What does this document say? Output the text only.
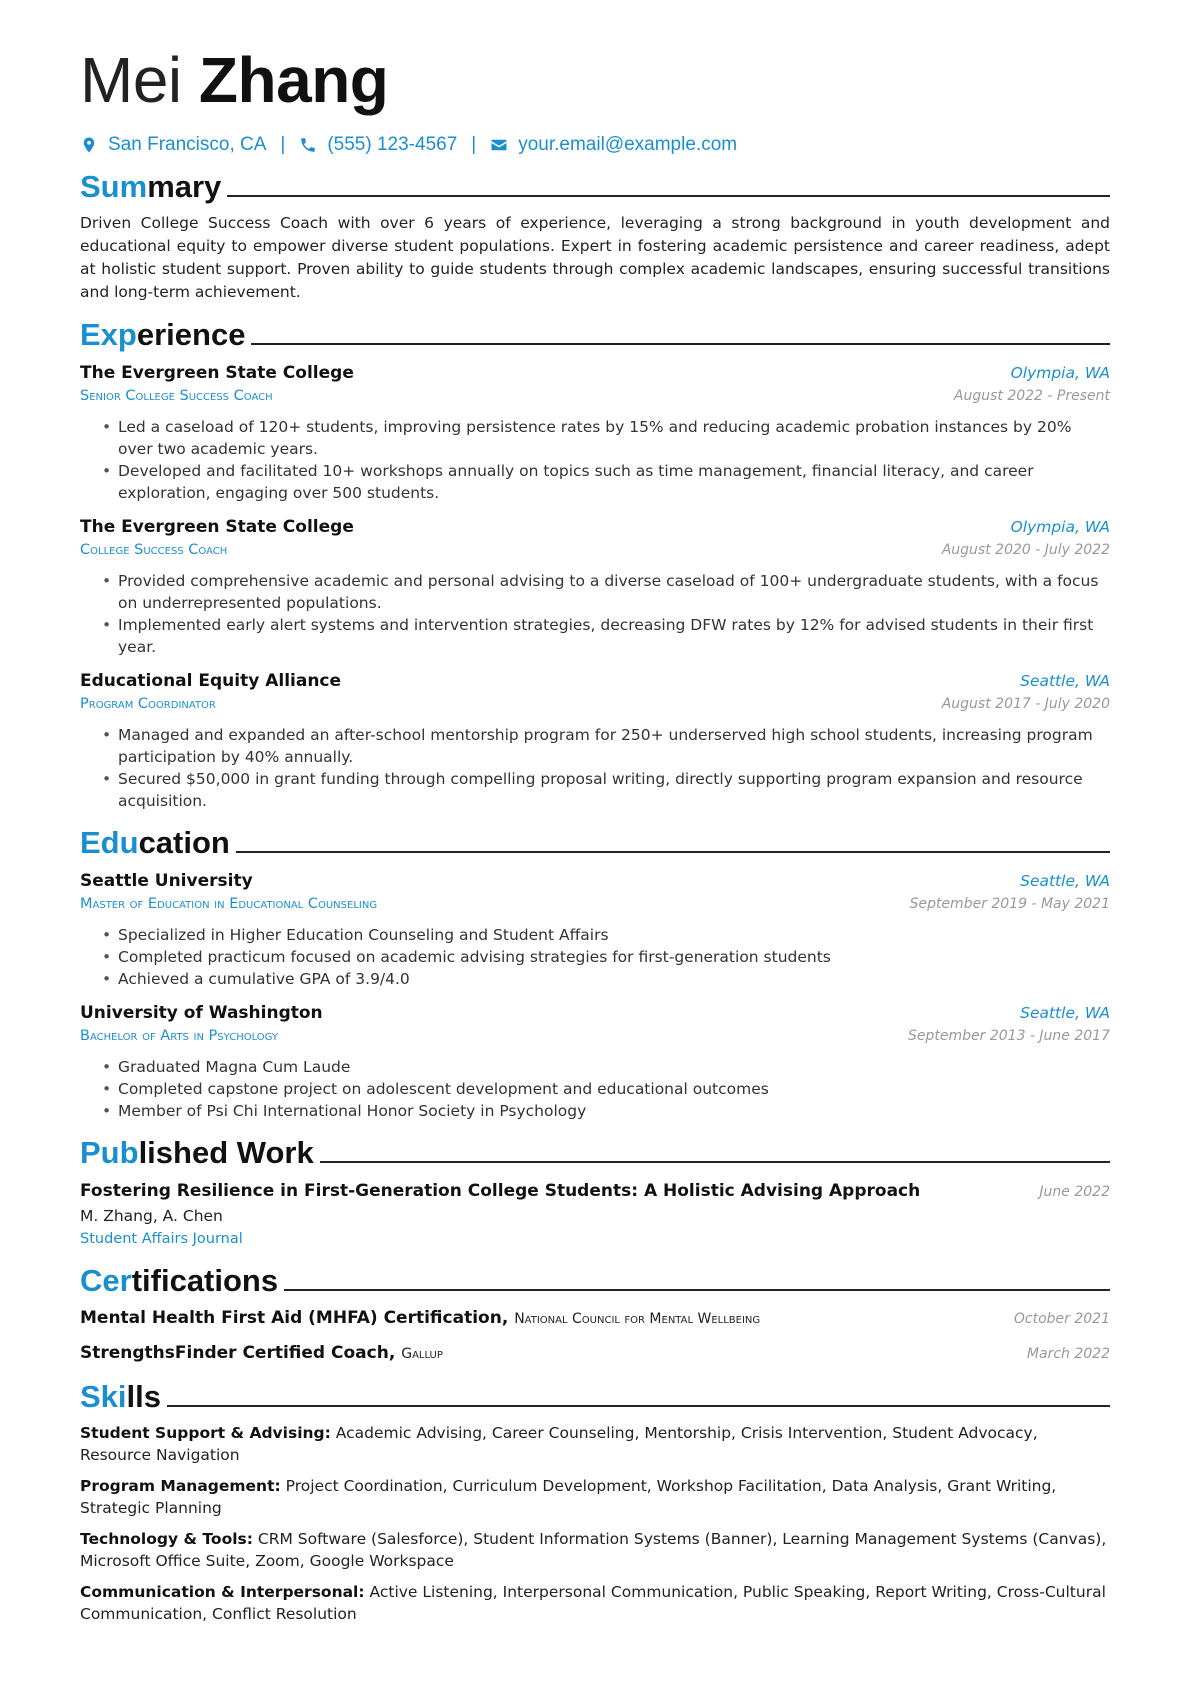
Mei Zhang
San Francisco, CA | (555) 123-4567 | your.email@example.com
Summary

Driven College Success Coach with over 6 years of experience, leveraging a strong background in youth development and educational equity to empower diverse student populations. Expert in fostering academic persistence and career readiness, adept at holistic student support. Proven ability to guide students through complex academic landscapes, ensuring successful transitions and long-term achievement.

Experience
The Evergreen State College	Olympia, WA
Senior College Success Coach	August 2022 - Present
• Led a caseload of 120+ students, improving persistence rates by 15% and reducing academic probation instances by 20% over two academic years.
• Developed and facilitated 10+ workshops annually on topics such as time management, financial literacy, and career exploration, engaging over 500 students.
The Evergreen State College	Olympia, WA
College Success Coach	August 2020 - July 2022
• Provided comprehensive academic and personal advising to a diverse caseload of 100+ undergraduate students, with a focus on underrepresented populations.
• Implemented early alert systems and intervention strategies, decreasing DFW rates by 12% for advised students in their first year.
Educational Equity Alliance	Seattle, WA
Program Coordinator	August 2017 - July 2020
• Managed and expanded an after-school mentorship program for 250+ underserved high school students, increasing program participation by 40% annually.
• Secured $50,000 in grant funding through compelling proposal writing, directly supporting program expansion and resource acquisition.
Education
Seattle University	Seattle, WA
Master of Education in Educational Counseling	September 2019 - May 2021
• Specialized in Higher Education Counseling and Student Affairs
• Completed practicum focused on academic advising strategies for first-generation students
• Achieved a cumulative GPA of 3.9/4.0
University of Washington	Seattle, WA
Bachelor of Arts in Psychology	September 2013 - June 2017
• Graduated Magna Cum Laude
• Completed capstone project on adolescent development and educational outcomes
• Member of Psi Chi International Honor Society in Psychology
Published Work
Fostering Resilience in First-Generation College Students: A Holistic Advising Approach	June 2022
M. Zhang, A. Chen
Student Affairs Journal
Certifications
Mental Health First Aid (MHFA) Certification, National Council for Mental Wellbeing	October 2021
StrengthsFinder Certified Coach, Gallup	March 2022
Skills

Student Support & Advising: Academic Advising, Career Counseling, Mentorship, Crisis Intervention, Student Advocacy, Resource Navigation

Program Management: Project Coordination, Curriculum Development, Workshop Facilitation, Data Analysis, Grant Writing, Strategic Planning

Technology & Tools: CRM Software (Salesforce), Student Information Systems (Banner), Learning Management Systems (Canvas), Microsoft Office Suite, Zoom, Google Workspace

Communication & Interpersonal: Active Listening, Interpersonal Communication, Public Speaking, Report Writing, Cross-Cultural Communication, Conflict Resolution
